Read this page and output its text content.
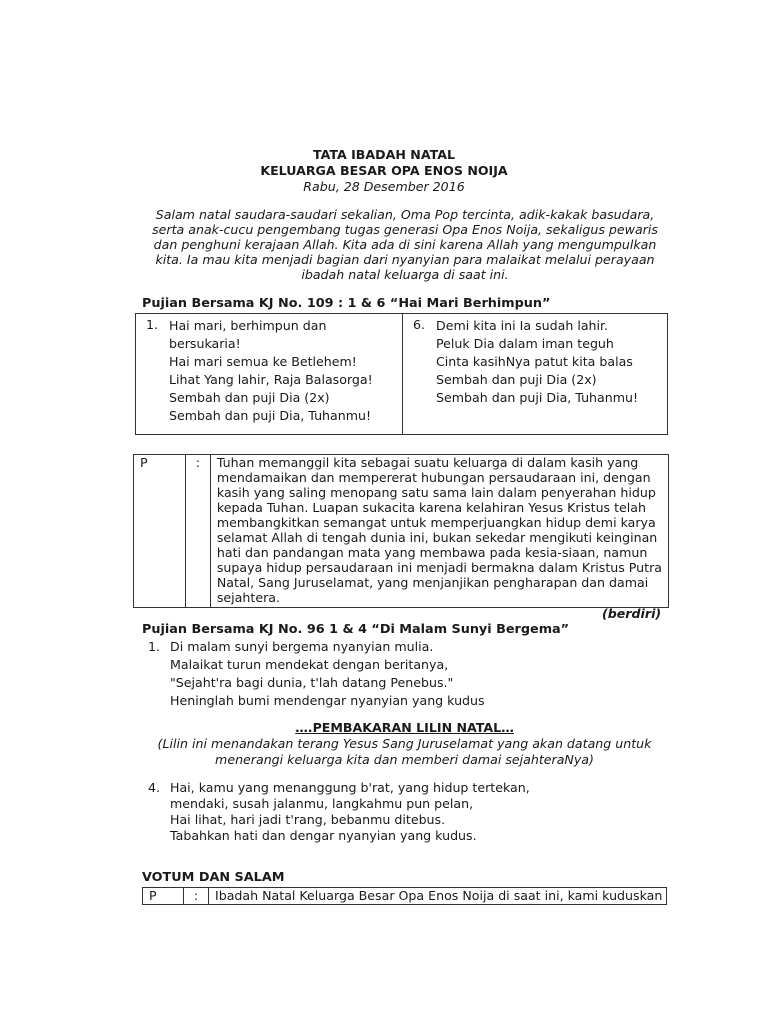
TATA IBADAH NATAL
KELUARGA BESAR OPA ENOS NOIJA
Rabu, 28 Desember 2016
Salam natal saudara-saudari sekalian, Oma Pop tercinta, adik-kakak basudara,
serta anak-cucu pengembang tugas generasi Opa Enos Noija, sekaligus pewaris
dan penghuni kerajaan Allah. Kita ada di sini karena Allah yang mengumpulkan
kita. Ia mau kita menjadi bagian dari nyanyian para malaikat melalui perayaan
ibadah natal keluarga di saat ini.
Pujian Bersama KJ No. 109 : 1 & 6 “Hai Mari Berhimpun”
1. Hai mari, berhimpun dan
bersukaria!
Hai mari semua ke Betlehem!
Lihat Yang lahir, Raja Balasorga!
Sembah dan puji Dia (2x)
Sembah dan puji Dia, Tuhanmu!

6. Demi kita ini Ia sudah lahir.
Peluk Dia dalam iman teguh
Cinta kasihNya patut kita balas
Sembah dan puji Dia (2x)
Sembah dan puji Dia, Tuhanmu!
P	:	Tuhan memanggil kita sebagai suatu keluarga di dalam kasih yang
mendamaikan dan mempererat hubungan persaudaraan ini, dengan
kasih yang saling menopang satu sama lain dalam penyerahan hidup
kepada Tuhan. Luapan sukacita karena kelahiran Yesus Kristus telah
membangkitkan semangat untuk memperjuangkan hidup demi karya
selamat Allah di tengah dunia ini, bukan sekedar mengikuti keinginan
hati dan pandangan mata yang membawa pada kesia-siaan, namun
supaya hidup persaudaraan ini menjadi bermakna dalam Kristus Putra
Natal, Sang Juruselamat, yang menjanjikan pengharapan dan damai
sejahtera.
(berdiri)
Pujian Bersama KJ No. 96 1 & 4 “Di Malam Sunyi Bergema”
1. Di malam sunyi bergema nyanyian mulia.
Malaikat turun mendekat dengan beritanya,
"Sejaht'ra bagi dunia, t'lah datang Penebus."
Heninglah bumi mendengar nyanyian yang kudus
….PEMBAKARAN LILIN NATAL…
(Lilin ini menandakan terang Yesus Sang Juruselamat yang akan datang untuk
menerangi keluarga kita dan memberi damai sejahteraNya)
4. Hai, kamu yang menanggung b'rat, yang hidup tertekan,
mendaki, susah jalanmu, langkahmu pun pelan,
Hai lihat, hari jadi t'rang, bebanmu ditebus.
Tabahkan hati dan dengar nyanyian yang kudus.
VOTUM DAN SALAM
P	:	Ibadah Natal Keluarga Besar Opa Enos Noija di saat ini, kami kuduskan
